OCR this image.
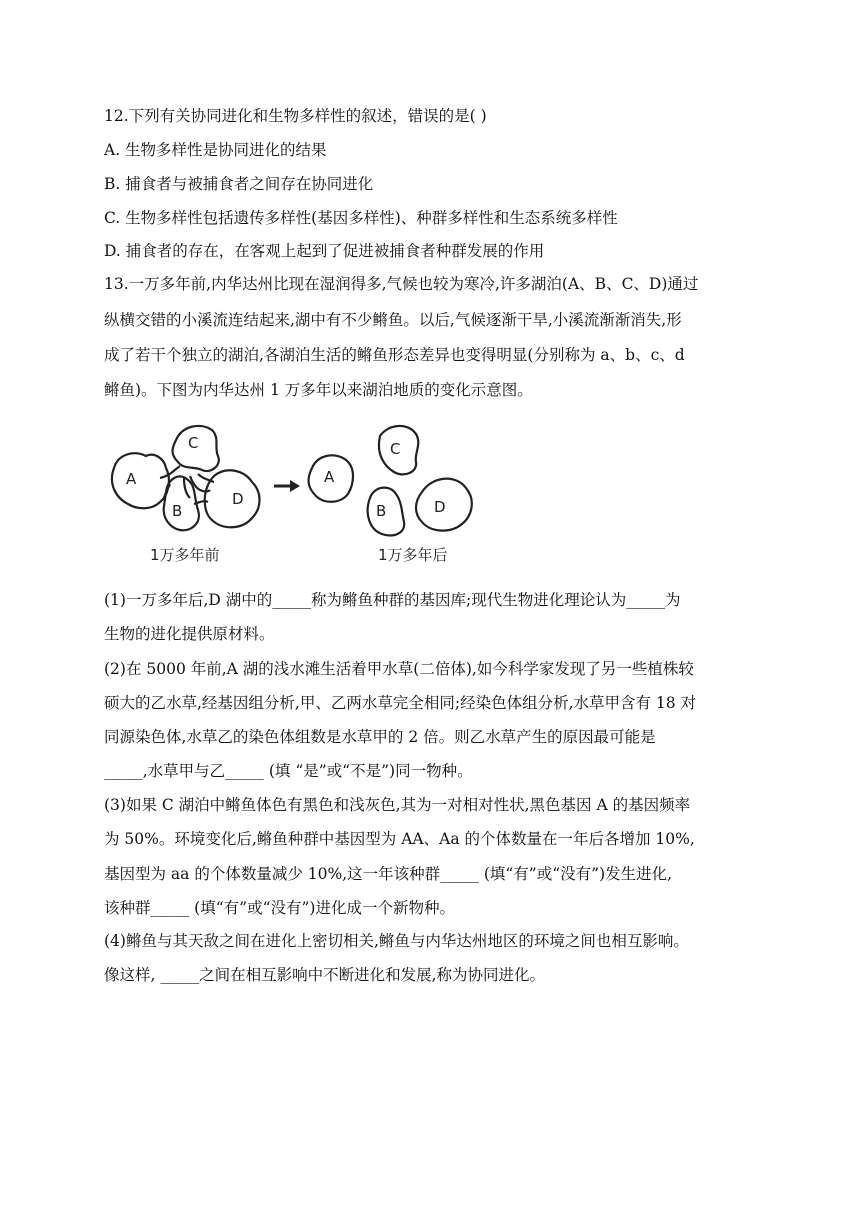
12.下列有关协同进化和生物多样性的叙述，错误的是( )
A. 生物多样性是协同进化的结果
B. 捕食者与被捕食者之间存在协同进化
C. 生物多样性包括遗传多样性(基因多样性)、种群多样性和生态系统多样性
D. 捕食者的存在，在客观上起到了促进被捕食者种群发展的作用
13.一万多年前,内华达州比现在湿润得多,气候也较为寒冷,许多湖泊(A、B、C、D)通过
纵横交错的小溪流连结起来,湖中有不少鳉鱼。以后,气候逐渐干旱,小溪流渐渐消失,形
成了若干个独立的湖泊,各湖泊生活的鳉鱼形态差异也变得明显(分别称为 a、b、c、d
鳉鱼)。下图为内华达州 1 万多年以来湖泊地质的变化示意图。
A
C
B
D
A
C
B	D
1万多年前	1万多年后
(1)一万多年后,D 湖中的_____称为鳉鱼种群的基因库;现代生物进化理论认为_____为
生物的进化提供原材料。
(2)在 5000 年前,A 湖的浅水滩生活着甲水草(二倍体),如今科学家发现了另一些植株较
硕大的乙水草,经基因组分析,甲、乙两水草完全相同;经染色体组分析,水草甲含有 18 对
同源染色体,水草乙的染色体组数是水草甲的 2 倍。则乙水草产生的原因最可能是
_____,水草甲与乙_____ (填 “是”或“不是”)同一物种。
(3)如果 C 湖泊中鳉鱼体色有黑色和浅灰色,其为一对相对性状,黑色基因 A 的基因频率
为 50%。环境变化后,鳉鱼种群中基因型为 AA、Aa 的个体数量在一年后各增加 10%,
基因型为 aa 的个体数量减少 10%,这一年该种群_____ (填“有”或“没有”)发生进化,
该种群_____ (填“有”或“没有”)进化成一个新物种。
(4)鳉鱼与其天敌之间在进化上密切相关,鳉鱼与内华达州地区的环境之间也相互影响。
像这样, _____之间在相互影响中不断进化和发展,称为协同进化。
